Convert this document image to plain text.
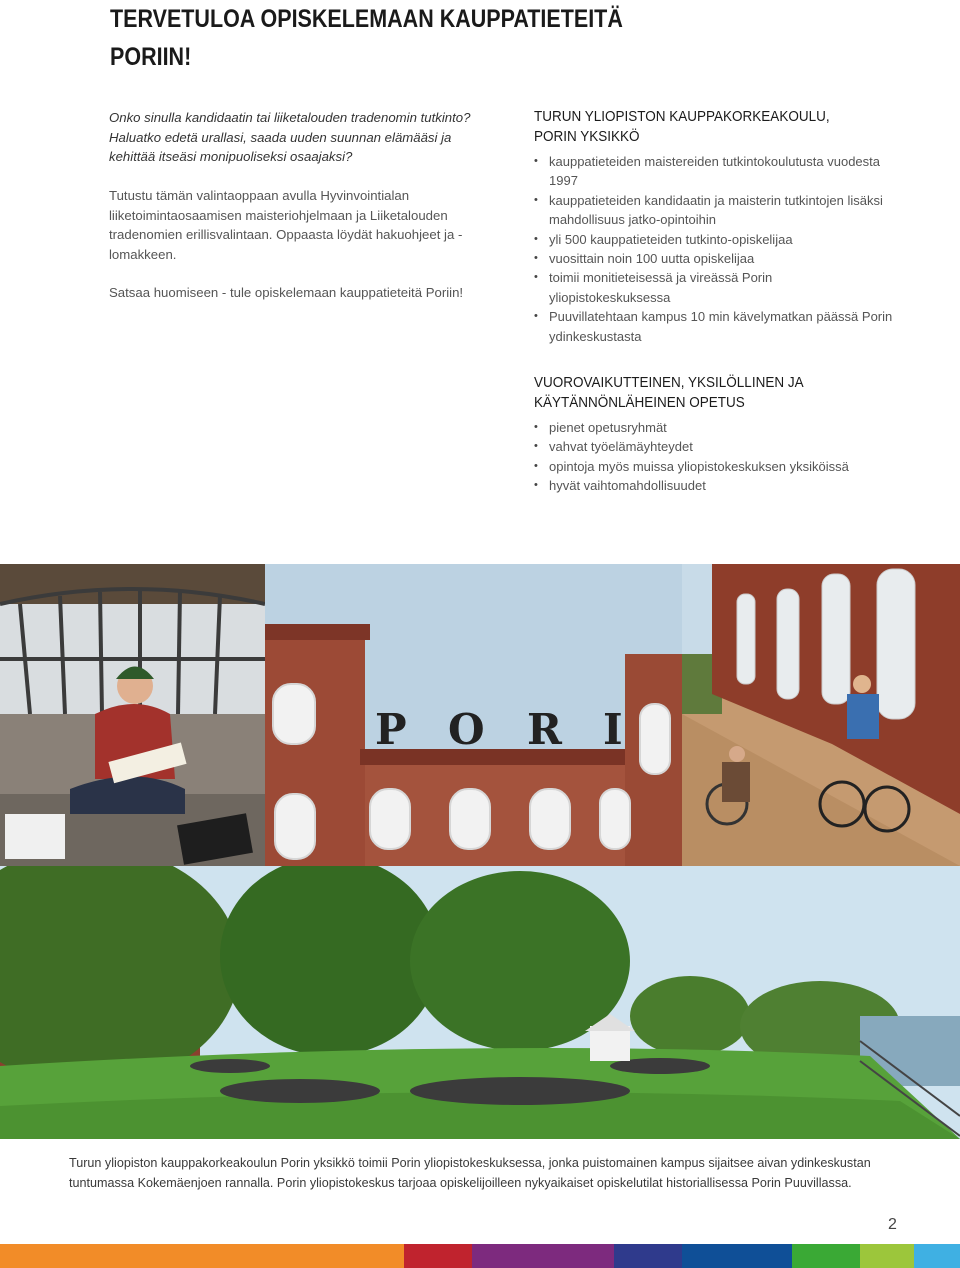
TERVETULOA OPISKELEMAAN KAUPPATIETEITÄ
PORIIN!

Onko sinulla kandidaatin tai liiketalouden tradenomin tutkinto? Haluatko edetä urallasi, saada uuden suunnan elämääsi ja kehittää itseäsi monipuoliseksi osaajaksi?

Tutustu tämän valintaoppaan avulla Hyvinvointialan liiketoimintaosaamisen maisteriohjelmaan ja Liiketalouden tradenomien erillisvalintaan. Oppaasta löydät hakuohjeet ja -lomakkeen.

Satsaa huomiseen - tule opiskelemaan kauppatieteitä Poriin!

TURUN YLIOPISTON KAUPPAKORKEAKOULU,
PORIN YKSIKKÖ
• kauppatieteiden maistereiden tutkintokoulutusta vuodesta 1997
• kauppatieteiden kandidaatin ja maisterin tutkintojen lisäksi mahdollisuus jatko-opintoihin
• yli 500 kauppatieteiden tutkinto-opiskelijaa
• vuosittain noin 100 uutta opiskelijaa
• toimii monitieteisessä ja vireässä Porin yliopistokeskuksessa
• Puuvillatehtaan kampus 10 min kävelymatkan päässä Porin ydinkeskustasta
VUOROVAIKUTTEINEN, YKSILÖLLINEN JA
KÄYTÄNNÖNLÄHEINEN OPETUS
• pienet opetusryhmät
• vahvat työelämäyhteydet
• opintoja myös muissa yliopistokeskuksen yksiköissä
• hyvät vaihtomahdollisuudet
P O R I

Turun yliopiston kauppakorkeakoulun Porin yksikkö toimii Porin yliopistokeskuksessa, jonka puistomainen kampus sijaitsee aivan ydinkeskustan tuntumassa Kokemäenjoen rannalla. Porin yliopistokeskus tarjoaa opiskelijoilleen nykyaikaiset opiskelutilat historiallisessa Porin Puuvillassa.

2
